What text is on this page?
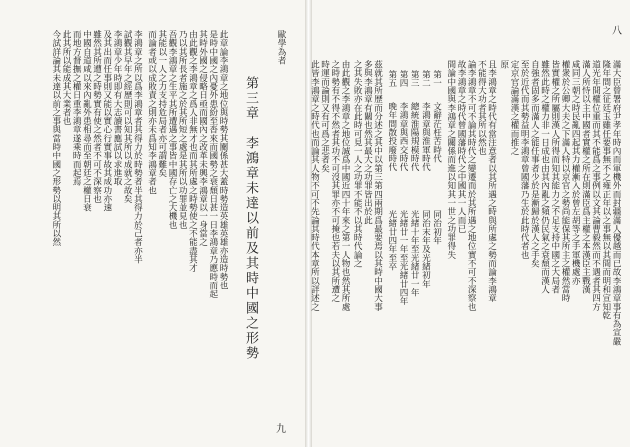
歐學為者
第三章　李鴻章未達以前及其時中國之形勢
此章論李鴻章之地位與時勢其關係甚大蓋時勢造英雄英雄亦造時勢也
是時中國之內憂外患紛至沓來而國勢之衰頹日甚一日李鴻章乃應時而起
其時外國之侵略日亟而國內之改革未興李鴻章以一身當之
由此觀之李鴻章之爲人非無才也而其所處之時勢使之不能盡其才
乃以其所長者施之於其所短之處是其所以功罪並見也
吾觀李鴻章之生平其所遭遇之事皆中國存亡之大機也
其能以一人之力支持危局者亦可謂難矣
而論者或以成敗責之則亦未爲知李鴻章者也
李鴻章之所以爲李鴻章者其得力於時勢者半其得力於己者亦半
試觀其早年之經歷則可以知其所以成就之故矣
李鴻章少年時即有大志讀書應試以求進取
及其出而任事則又能以實心行實事故其成功亦速
雖然其所遭之時勢實有使之然者不可不深察也
中國自道咸以來內亂外患相尋而至朝廷之權日衰
而地方督撫之權日重李鴻章遂乘時而起焉
此其所以能成其大業者也
今試詳論其未達以前之事與當時中國之形勢以明其所以然
九
八
滿大臣曾署府尹孝年時內而軍機外而封疆滿人優越而已故李鴻章事有為宣嚴
隆年間之征廷玉雖任要事無不之雍正年以之事無以其間而明和宣知乾
道光年間權位重而其不能爲之事例以文其論曹毅然而不遇者其四方
滿人所恃以主中國者實權之所在則滿臣爲主權之本漢臣主戰漢
咸同三朝之時民亂四起其力權漸入於曾左胡等之手軍機處亦
權衆於公卿大夫之下滿人特以京官之勢尚能保其所主之權然當時
皆實權之所屬則漢人所得而知其能力之不足支持中國之大局者
雖然此時之權力非一日成也由其內亂之頻仍民氣之衰頹而漢人
自強者固多而滿人之能任事者少於是漸歸於漢人之手矣
至於近代而其勢益明李鴻章曾國藩乃生於此時代者也
定京官論滿漢之權而推之
原
且李鴻章之時代有當注意者以其所遇之時與所處之勢而論李鴻章
不能得大功者其所以然也
論李鴻章不可不論其時代之變遷而於其所遇之地位實不可不深察也
故李鴻章之時代曾國藩時代之中國其一人而已
間論中國與李鴻章之關係而進以知其一世之功罪得失
第一
文辭茫枉苦時代
同治初年
第二
李鴻章與淮軍時代
同治末年及光緒初年
第三
總統淮陽規模時代
光緒十年至光緒廿一年
第四
李鴻章與西交時代
光緒廿一年至光緒廿四年
第五
晚年間散投廢時代
光緒廿四年至卒
茲就其所歷而分述之其中以第三第四兩期爲最要焉以其時中國大事
多與李鴻章有關也然其最大之功罪皆出於此
之其失敗亦在此時可見一人之功罪不能不以其時代論之
由此觀之李鴻章之地位誠爲中國近四十年來之第一人物也然其所處
之時勢有不得不然者其功不可沒其罪亦不可掩也若夫以其所遭之
時運而論則又有可爲之悲者矣
此皆李鴻章之時代也而論其人物不可不先論其時代本章所以詳述之
